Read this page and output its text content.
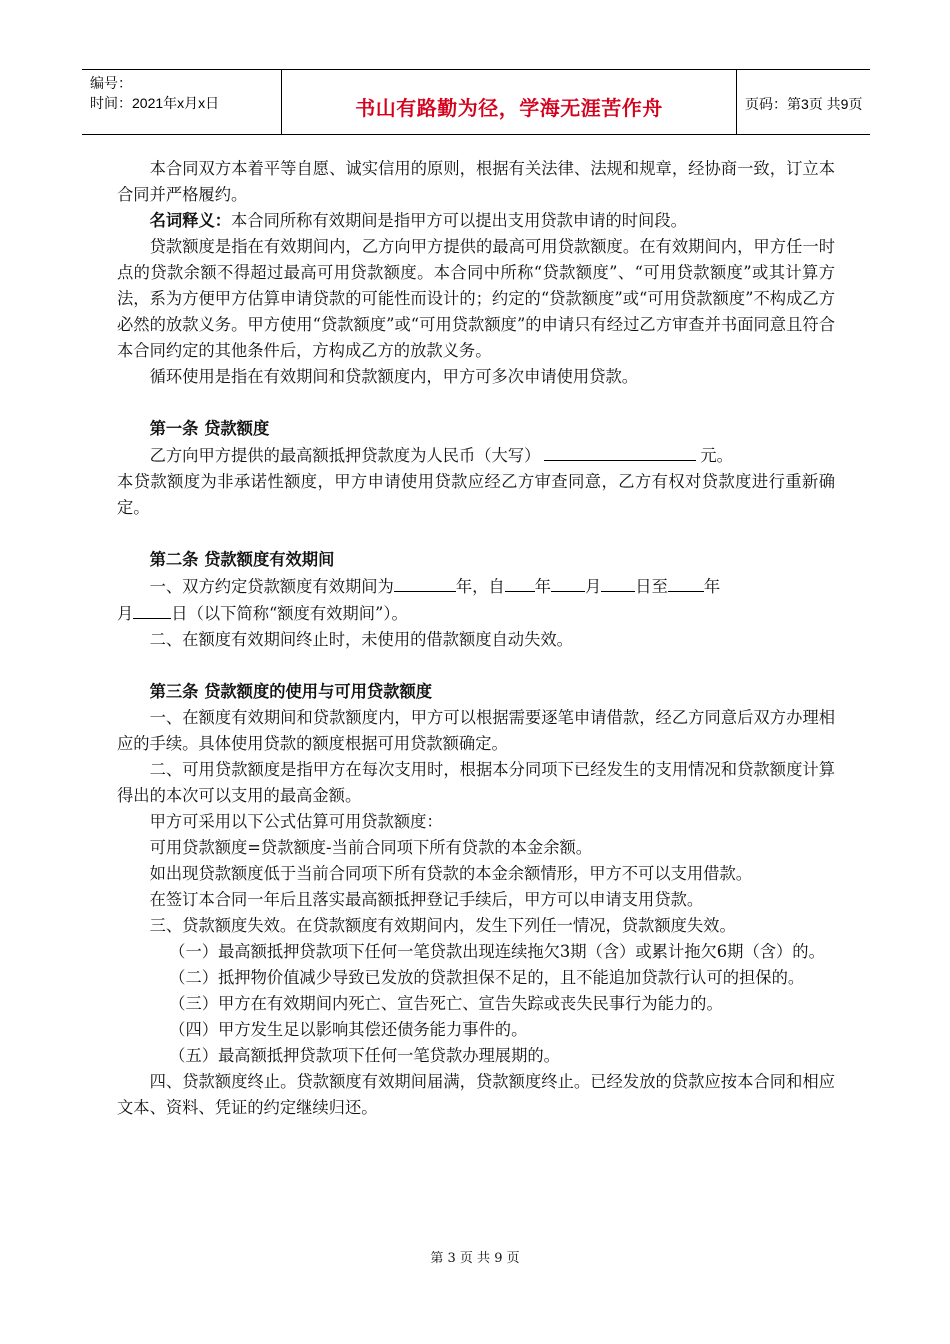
编号：
时间：2021年x月x日	书山有路勤为径，学海无涯苦作舟	页码：第3页 共9页

本合同双方本着平等自愿、诚实信用的原则，根据有关法律、法规和规章，经协商一致，订立本合同并严格履约。

名词释义：本合同所称有效期间是指甲方可以提出支用贷款申请的时间段。

贷款额度是指在有效期间内，乙方向甲方提供的最高可用贷款额度。在有效期间内，甲方任一时点的贷款余额不得超过最高可用贷款额度。本合同中所称“贷款额度”、“可用贷款额度”或其计算方法，系为方便甲方估算申请贷款的可能性而设计的；约定的“贷款额度”或“可用贷款额度”不构成乙方必然的放款义务。甲方使用“贷款额度”或“可用贷款额度”的申请只有经过乙方审查并书面同意且符合本合同约定的其他条件后，方构成乙方的放款义务。

循环使用是指在有效期间和贷款额度内，甲方可多次申请使用贷款。

第一条 贷款额度

乙方向甲方提供的最高额抵押贷款度为人民币（大写）	元。

本贷款额度为非承诺性额度，甲方申请使用贷款应经乙方审查同意，乙方有权对贷款度进行重新确定。

第二条 贷款额度有效期间

一、双方约定贷款额度有效期间为	年，自 年 月 日至 年

月 日（以下简称“额度有效期间”）。

二、在额度有效期间终止时，未使用的借款额度自动失效。

第三条 贷款额度的使用与可用贷款额度

一、在额度有效期间和贷款额度内，甲方可以根据需要逐笔申请借款，经乙方同意后双方办理相应的手续。具体使用贷款的额度根据可用贷款额确定。

二、可用贷款额度是指甲方在每次支用时，根据本分同项下已经发生的支用情况和贷款额度计算得出的本次可以支用的最高金额。

甲方可采用以下公式估算可用贷款额度：

可用贷款额度=贷款额度-当前合同项下所有贷款的本金余额。

如出现贷款额度低于当前合同项下所有贷款的本金余额情形，甲方不可以支用借款。

在签订本合同一年后且落实最高额抵押登记手续后，甲方可以申请支用贷款。

三、贷款额度失效。在贷款额度有效期间内，发生下列任一情况，贷款额度失效。

（一）最高额抵押贷款项下任何一笔贷款出现连续拖欠3期（含）或累计拖欠6期（含）的。

（二）抵押物价值减少导致已发放的贷款担保不足的，且不能追加贷款行认可的担保的。

（三）甲方在有效期间内死亡、宣告死亡、宣告失踪或丧失民事行为能力的。

（四）甲方发生足以影响其偿还债务能力事件的。

（五）最高额抵押贷款项下任何一笔贷款办理展期的。

四、贷款额度终止。贷款额度有效期间届满，贷款额度终止。已经发放的贷款应按本合同和相应文本、资料、凭证的约定继续归还。

第 3 页 共 9 页
